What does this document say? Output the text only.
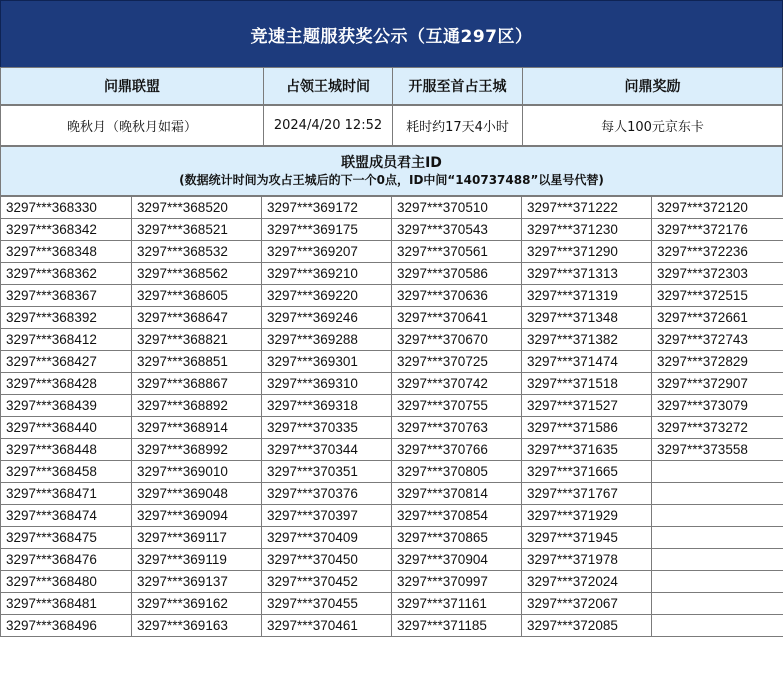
竞速主题服获奖公示（互通297区）
问鼎联盟	占领王城时间	开服至首占王城	问鼎奖励
晚秋月（晚秋月如霜）	2024/4/20 12:52	耗时约17天4小时	每人100元京东卡
联盟成员君主ID
(数据统计时间为攻占王城后的下一个0点，ID中间“140737488”以星号代替)
3297***368330	3297***368520	3297***369172	3297***370510	3297***371222	3297***372120
3297***368342	3297***368521	3297***369175	3297***370543	3297***371230	3297***372176
3297***368348	3297***368532	3297***369207	3297***370561	3297***371290	3297***372236
3297***368362	3297***368562	3297***369210	3297***370586	3297***371313	3297***372303
3297***368367	3297***368605	3297***369220	3297***370636	3297***371319	3297***372515
3297***368392	3297***368647	3297***369246	3297***370641	3297***371348	3297***372661
3297***368412	3297***368821	3297***369288	3297***370670	3297***371382	3297***372743
3297***368427	3297***368851	3297***369301	3297***370725	3297***371474	3297***372829
3297***368428	3297***368867	3297***369310	3297***370742	3297***371518	3297***372907
3297***368439	3297***368892	3297***369318	3297***370755	3297***371527	3297***373079
3297***368440	3297***368914	3297***370335	3297***370763	3297***371586	3297***373272
3297***368448	3297***368992	3297***370344	3297***370766	3297***371635	3297***373558
3297***368458	3297***369010	3297***370351	3297***370805	3297***371665	
3297***368471	3297***369048	3297***370376	3297***370814	3297***371767	
3297***368474	3297***369094	3297***370397	3297***370854	3297***371929	
3297***368475	3297***369117	3297***370409	3297***370865	3297***371945	
3297***368476	3297***369119	3297***370450	3297***370904	3297***371978	
3297***368480	3297***369137	3297***370452	3297***370997	3297***372024	
3297***368481	3297***369162	3297***370455	3297***371161	3297***372067	
3297***368496	3297***369163	3297***370461	3297***371185	3297***372085	
